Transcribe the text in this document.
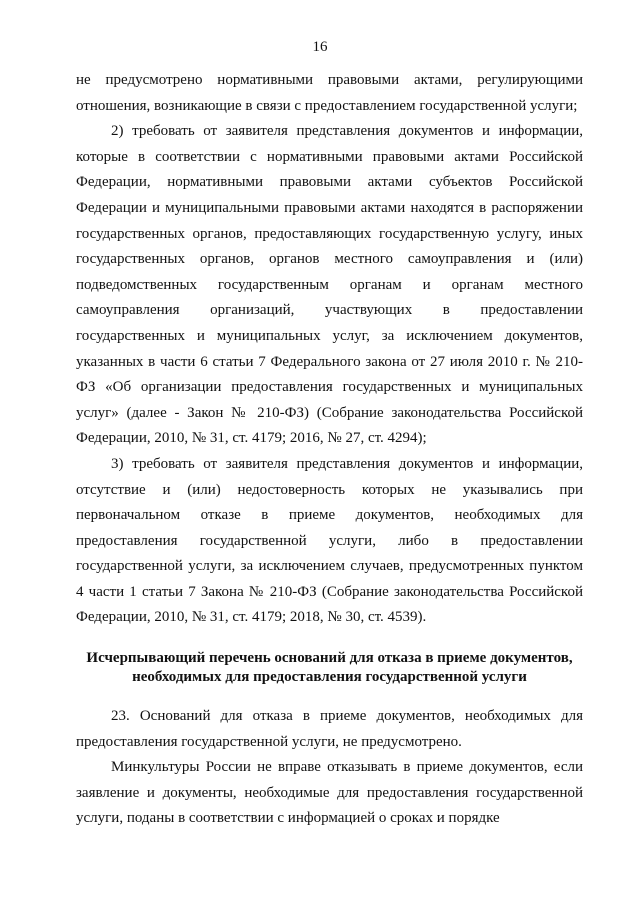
16

не предусмотрено нормативными правовыми актами, регулирующими отношения, возникающие в связи с предоставлением государственной услуги;

2) требовать от заявителя представления документов и информации, которые в соответствии с нормативными правовыми актами Российской Федерации, нормативными правовыми актами субъектов Российской Федерации и муниципальными правовыми актами находятся в распоряжении государственных органов, предоставляющих государственную услугу, иных государственных органов, органов местного самоуправления и (или) подведомственных государственным органам и органам местного самоуправления организаций, участвующих в предоставлении государственных и муниципальных услуг, за исключением документов, указанных в части 6 статьи 7 Федерального закона от 27 июля 2010 г. № 210-ФЗ «Об организации предоставления государственных и муниципальных услуг» (далее - Закон № 210-ФЗ) (Собрание законодательства Российской Федерации, 2010, № 31, ст. 4179; 2016, № 27, ст. 4294);

3) требовать от заявителя представления документов и информации, отсутствие и (или) недостоверность которых не указывались при первоначальном отказе в приеме документов, необходимых для предоставления государственной услуги, либо в предоставлении государственной услуги, за исключением случаев, предусмотренных пунктом 4 части 1 статьи 7 Закона № 210-ФЗ (Собрание законодательства Российской Федерации, 2010, № 31, ст. 4179; 2018, № 30, ст. 4539).

Исчерпывающий перечень оснований для отказа в приеме документов,
необходимых для предоставления государственной услуги

23. Оснований для отказа в приеме документов, необходимых для предоставления государственной услуги, не предусмотрено.

Минкультуры России не вправе отказывать в приеме документов, если заявление и документы, необходимые для предоставления государственной услуги, поданы в соответствии с информацией о сроках и порядке
